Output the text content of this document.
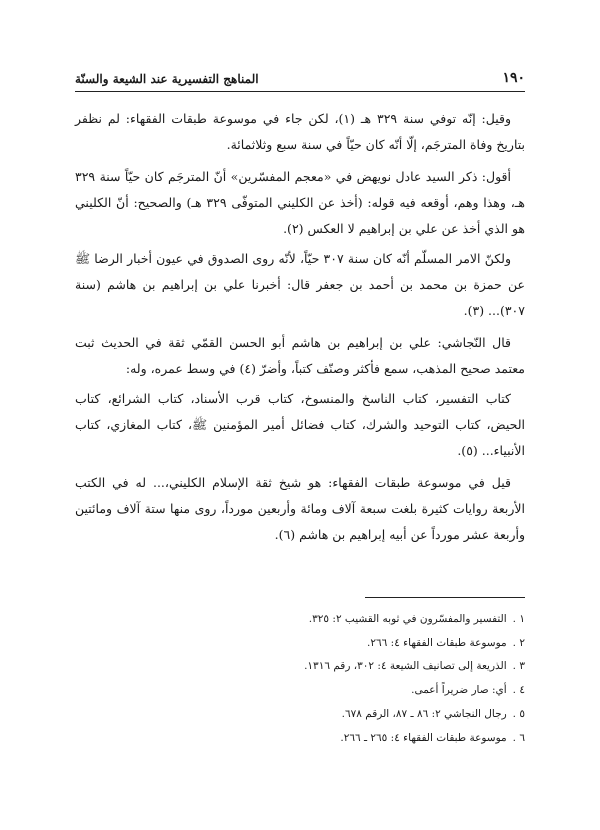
١٩٠
المناهج التفسيرية عند الشيعة والسنّة

وقيل: إنّه توفي سنة ٣٢٩ هـ (١)، لكن جاء في موسوعة طبقات الفقهاء: لم نظفر بتاريخ وفاة المترجَم، إلّا أنّه كان حيّاً في سنة سبع وثلاثمائة.

أقول: ذكر السيد عادل نويهض في «معجم المفسّرين» أنّ المترجَم كان حيّاً سنة ٣٢٩ هـ، وهذا وهم، أوقعه فيه قوله: (أخذ عن الكليني المتوفّى ٣٢٩ هـ) والصحيح: أنّ الكليني هو الذي أخذ عن علي بن إبراهيم لا العكس (٢).

ولكنّ الامر المسلّم أنّه كان سنة ٣٠٧ حيّاً، لأنّه روى الصدوق في عيون أخبار الرضا ﷺ عن حمزة بن محمد بن أحمد بن جعفر قال: أخبرنا علي بن إبراهيم بن هاشم (سنة ٣٠٧)... (٣).

قال النّجاشي: علي بن إبراهيم بن هاشم أبو الحسن القمّي ثقة في الحديث ثبت معتمد صحيح المذهب، سمع فأكثر وصنّف كتباً، وأضرّ (٤) في وسط عمره، وله:

كتاب التفسير، كتاب الناسخ والمنسوخ، كتاب قرب الأسناد، كتاب الشرائع، كتاب الحيض، كتاب التوحيد والشرك، كتاب فضائل أمير المؤمنين ﷺ، كتاب المغازي، كتاب الأنبياء... (٥).

قيل في موسوعة طبقات الفقهاء: هو شيخ ثقة الإسلام الكليني،... له في الكتب الأربعة روايات كثيرة بلغت سبعة آلاف ومائة وأربعين مورداً، روى منها ستة آلاف ومائتين وأربعة عشر مورداً عن أبيه إبراهيم بن هاشم (٦).

١ .التفسير والمفسّرون في ثوبه القشيب ٢: ٣٢٥.
٢ .موسوعة طبقات الفقهاء ٤: ٢٦٦.
٣ .الذريعة إلى تصانيف الشيعة ٤: ٣٠٢، رقم ١٣١٦.
٤ .أي: صار ضريراً أعمى.
٥ .رجال النجاشي ٢: ٨٦ ـ ٨٧، الرقم ٦٧٨.
٦ .موسوعة طبقات الفقهاء ٤: ٢٦٥ ـ ٢٦٦.
